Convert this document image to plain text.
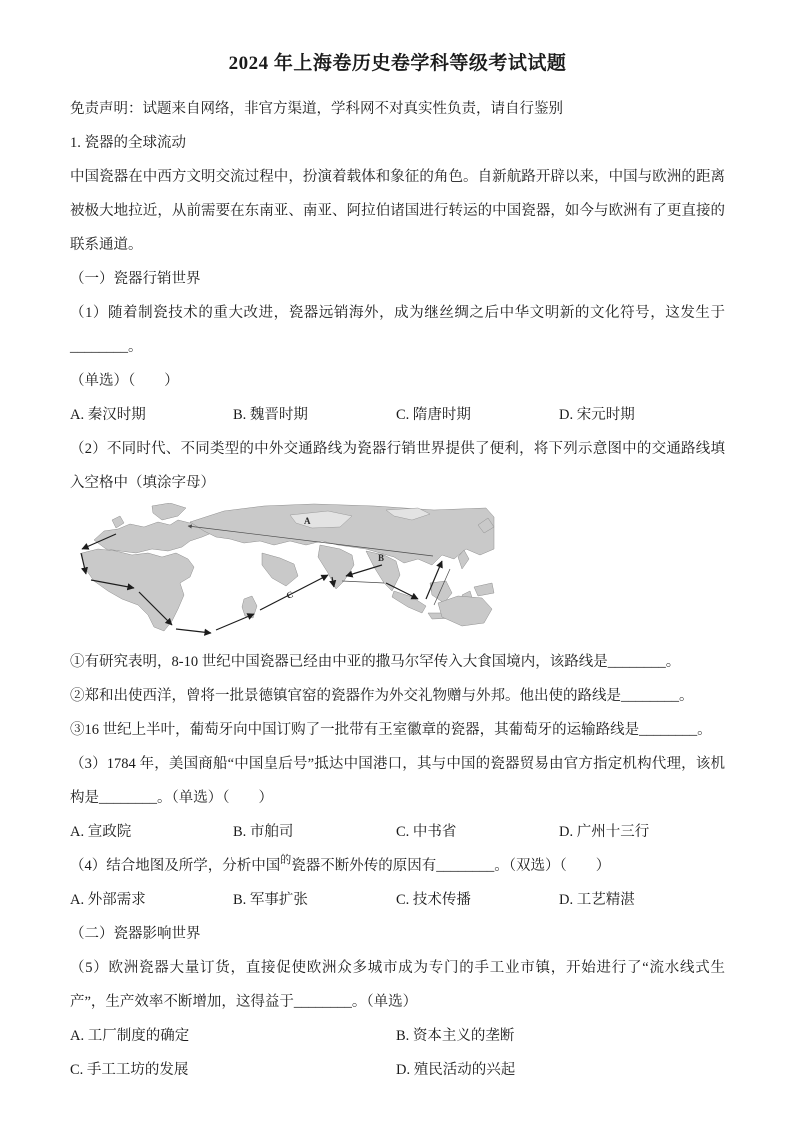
2024 年上海卷历史卷学科等级考试试题

免责声明：试题来自网络，非官方渠道，学科网不对真实性负责，请自行鉴别

1. 瓷器的全球流动

中国瓷器在中西方文明交流过程中，扮演着载体和象征的角色。自新航路开辟以来，中国与欧洲的距离被极大地拉近，从前需要在东南亚、南亚、阿拉伯诸国进行转运的中国瓷器，如今与欧洲有了更直接的联系通道。

（一）瓷器行销世界

（1）随着制瓷技术的重大改进，瓷器远销海外，成为继丝绸之后中华文明新的文化符号，这发生于________。

（单选）（　　）

A. 秦汉时期	B. 魏晋时期	C. 隋唐时期	D. 宋元时期

（2）不同时代、不同类型的中外交通路线为瓷器行销世界提供了便利，将下列示意图中的交通路线填入空格中（填涂字母）

A
C
B

①有研究表明，8-10 世纪中国瓷器已经由中亚的撒马尔罕传入大食国境内，该路线是________。

②郑和出使西洋，曾将一批景德镇官窑的瓷器作为外交礼物赠与外邦。他出使的路线是________。

③16 世纪上半叶，葡萄牙向中国订购了一批带有王室徽章的瓷器，其葡萄牙的运输路线是________。

（3）1784 年，美国商船“中国皇后号”抵达中国港口，其与中国的瓷器贸易由官方指定机构代理，该机构是________。（单选）（　　）

A. 宣政院	B. 市舶司	C. 中书省	D. 广州十三行

（4）结合地图及所学，分析中国$^的$瓷器不断外传的原因有________。（双选）（　　）

A. 外部需求	B. 军事扩张	C. 技术传播	D. 工艺精湛

（二）瓷器影响世界

（5）欧洲瓷器大量订货，直接促使欧洲众多城市成为专门的手工业市镇，开始进行了“流水线式生产”，生产效率不断增加，这得益于________。（单选）

A. 工厂制度的确定	B. 资本主义的垄断
C. 手工工坊的发展	D. 殖民活动的兴起
